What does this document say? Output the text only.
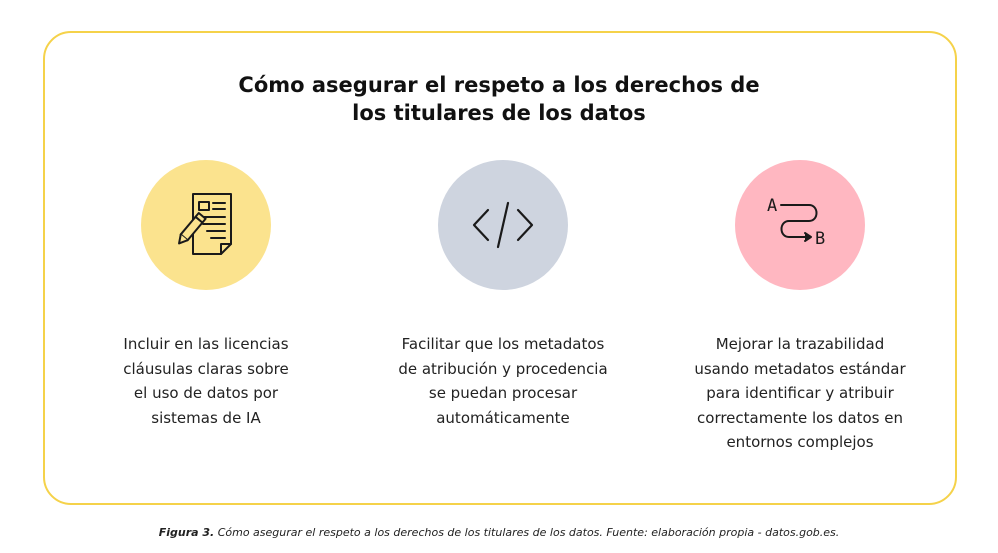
Cómo asegurar el respeto a los derechos de
los titulares de los datos
Incluir en las licencias
cláusulas claras sobre
el uso de datos por
sistemas de IA
Facilitar que los metadatos
de atribución y procedencia
se puedan procesar
automáticamente
A
B
Mejorar la trazabilidad
usando metadatos estándar
para identificar y atribuir
correctamente los datos en
entornos complejos
Figura 3. Cómo asegurar el respeto a los derechos de los titulares de los datos. Fuente: elaboración propia - datos.gob.es.
